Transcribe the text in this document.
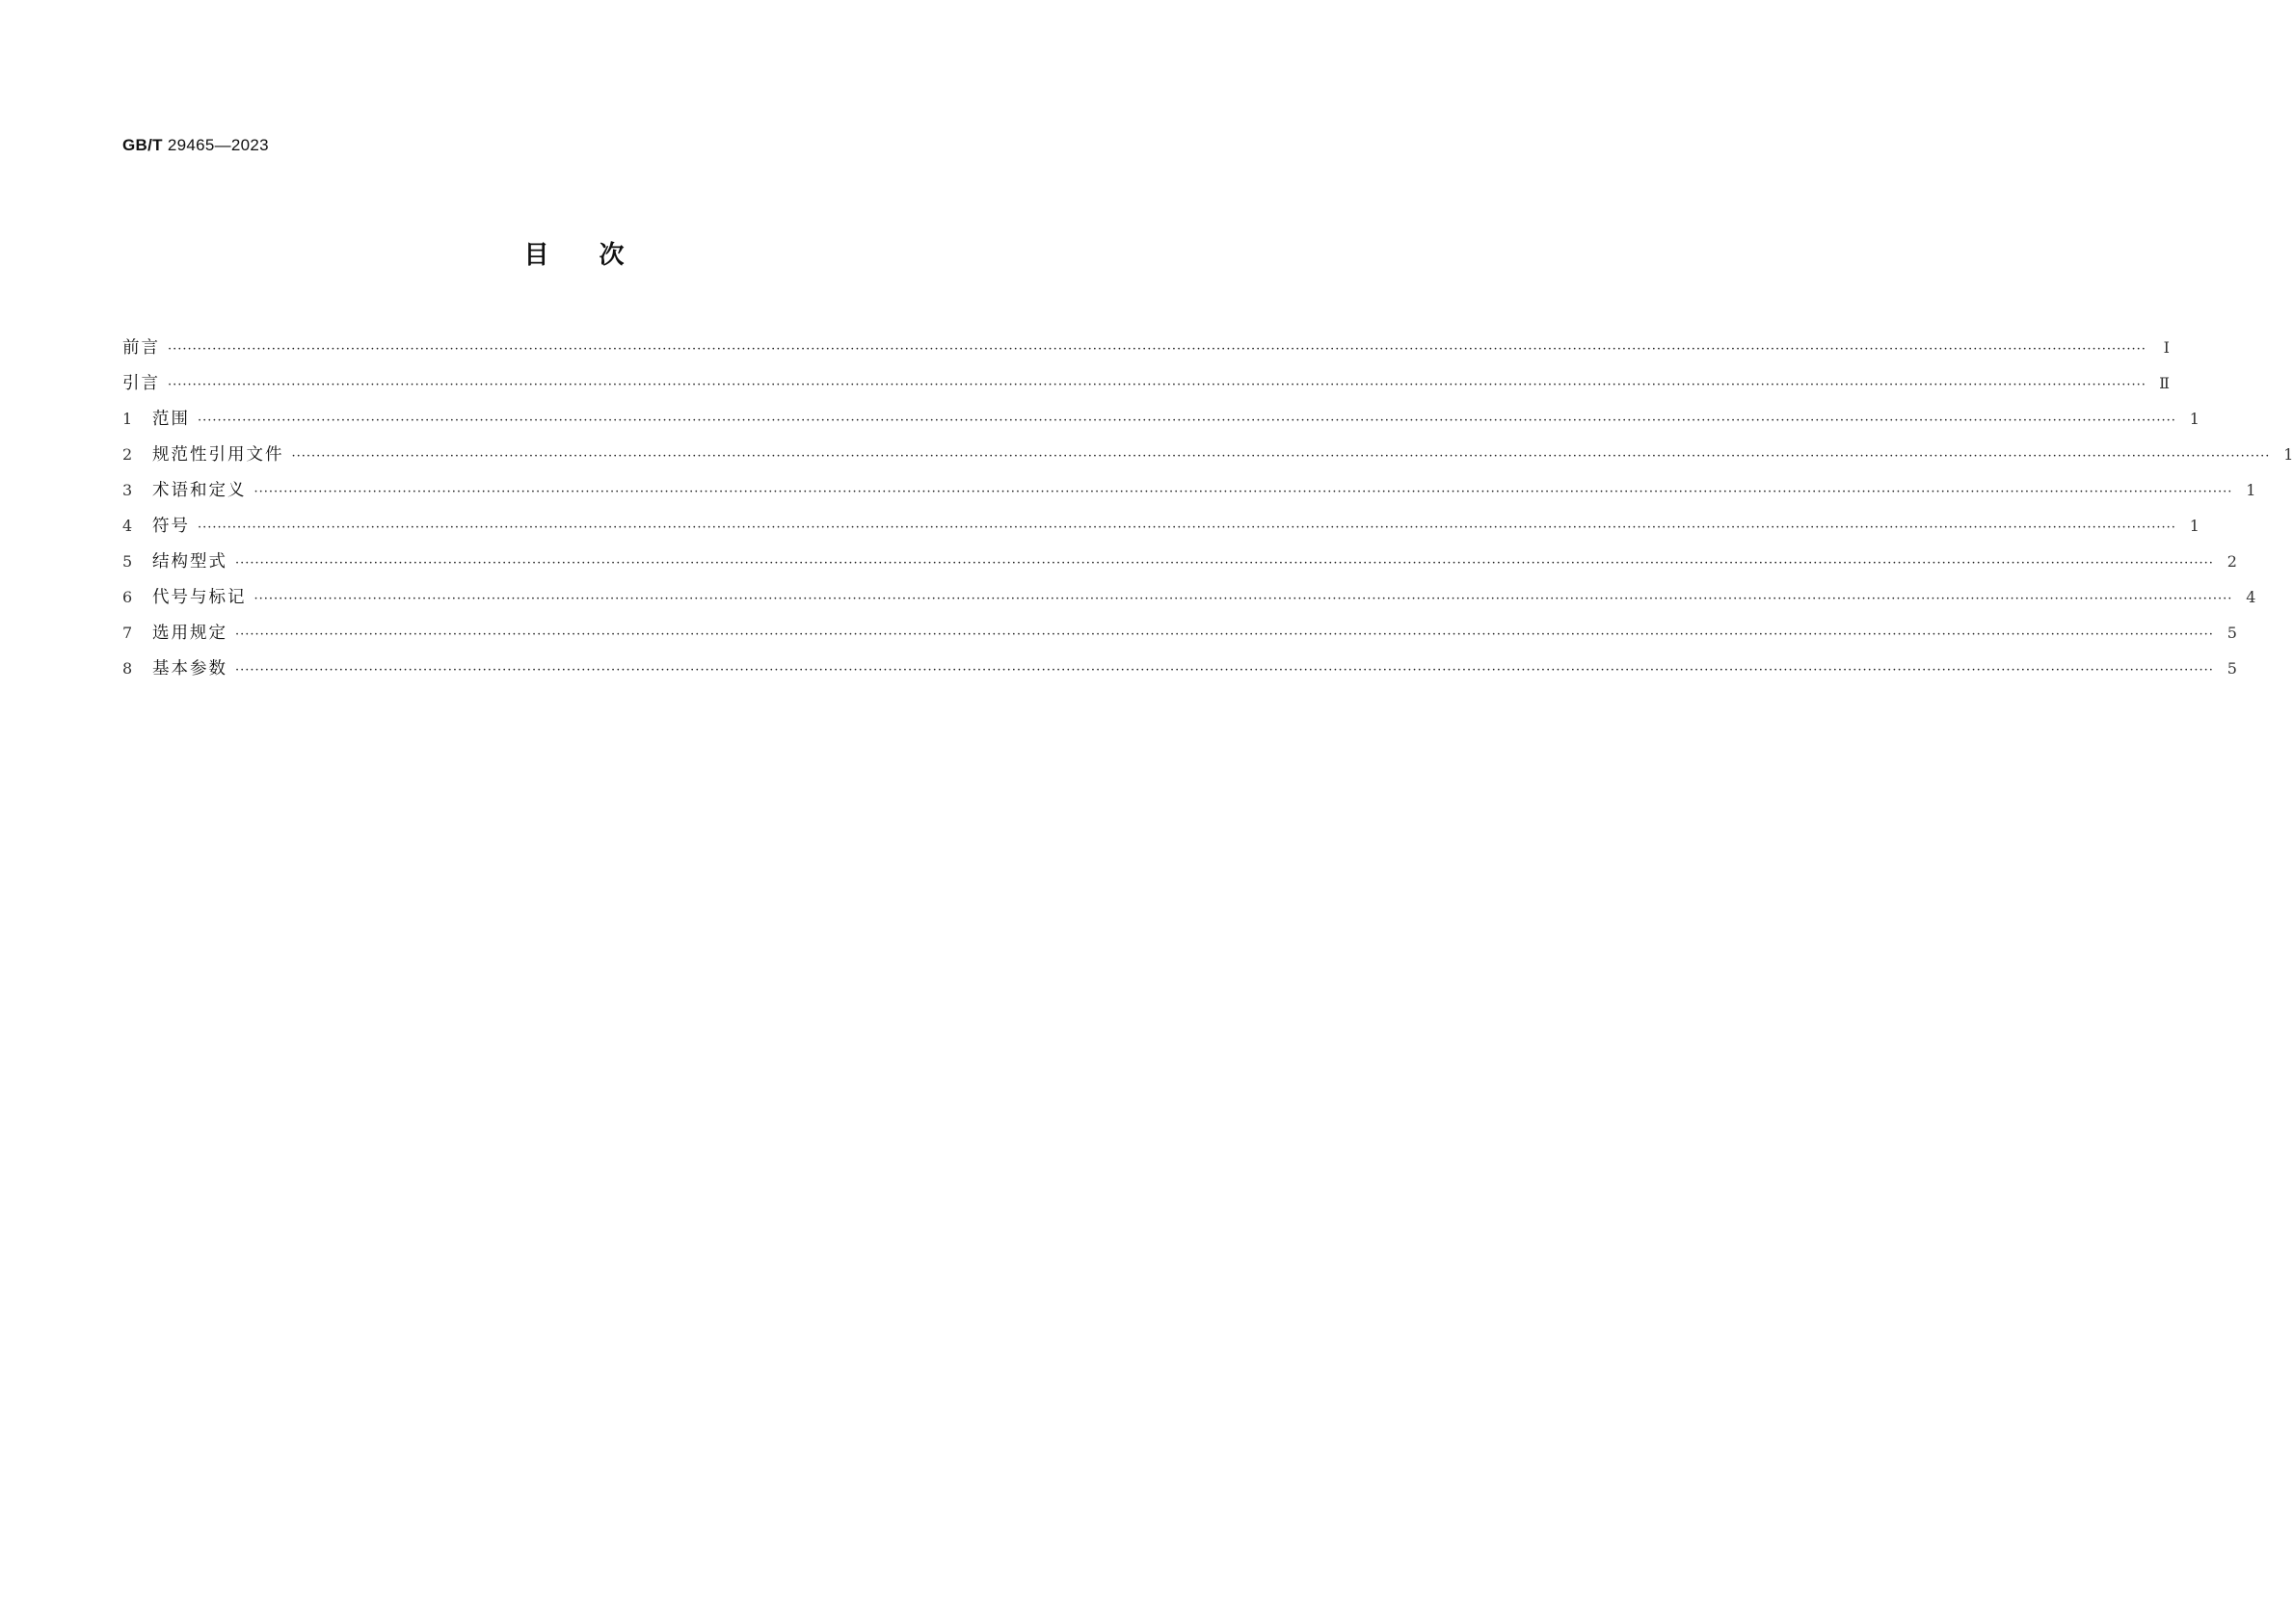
GB/T 29465—2023
目次
前言 ················································································································································································································································································································································································································	Ⅰ
引言 ················································································································································································································································································································································································································ Ⅱ
1	范围 ················································································································································································································································································································································································································ 1
2	规范性引用文件 ················································································································································································································································································································································································································ 1
3	术语和定义 ················································································································································································································································································································································································································ 1
4	符号 ················································································································································································································································································································································································································ 1
5	结构型式 ················································································································································································································································································································································································································ 2
6	代号与标记 ················································································································································································································································································································································································································ 4
7	选用规定 ················································································································································································································································································································································································································ 5
8	基本参数 ················································································································································································································································································································································································································ 5
